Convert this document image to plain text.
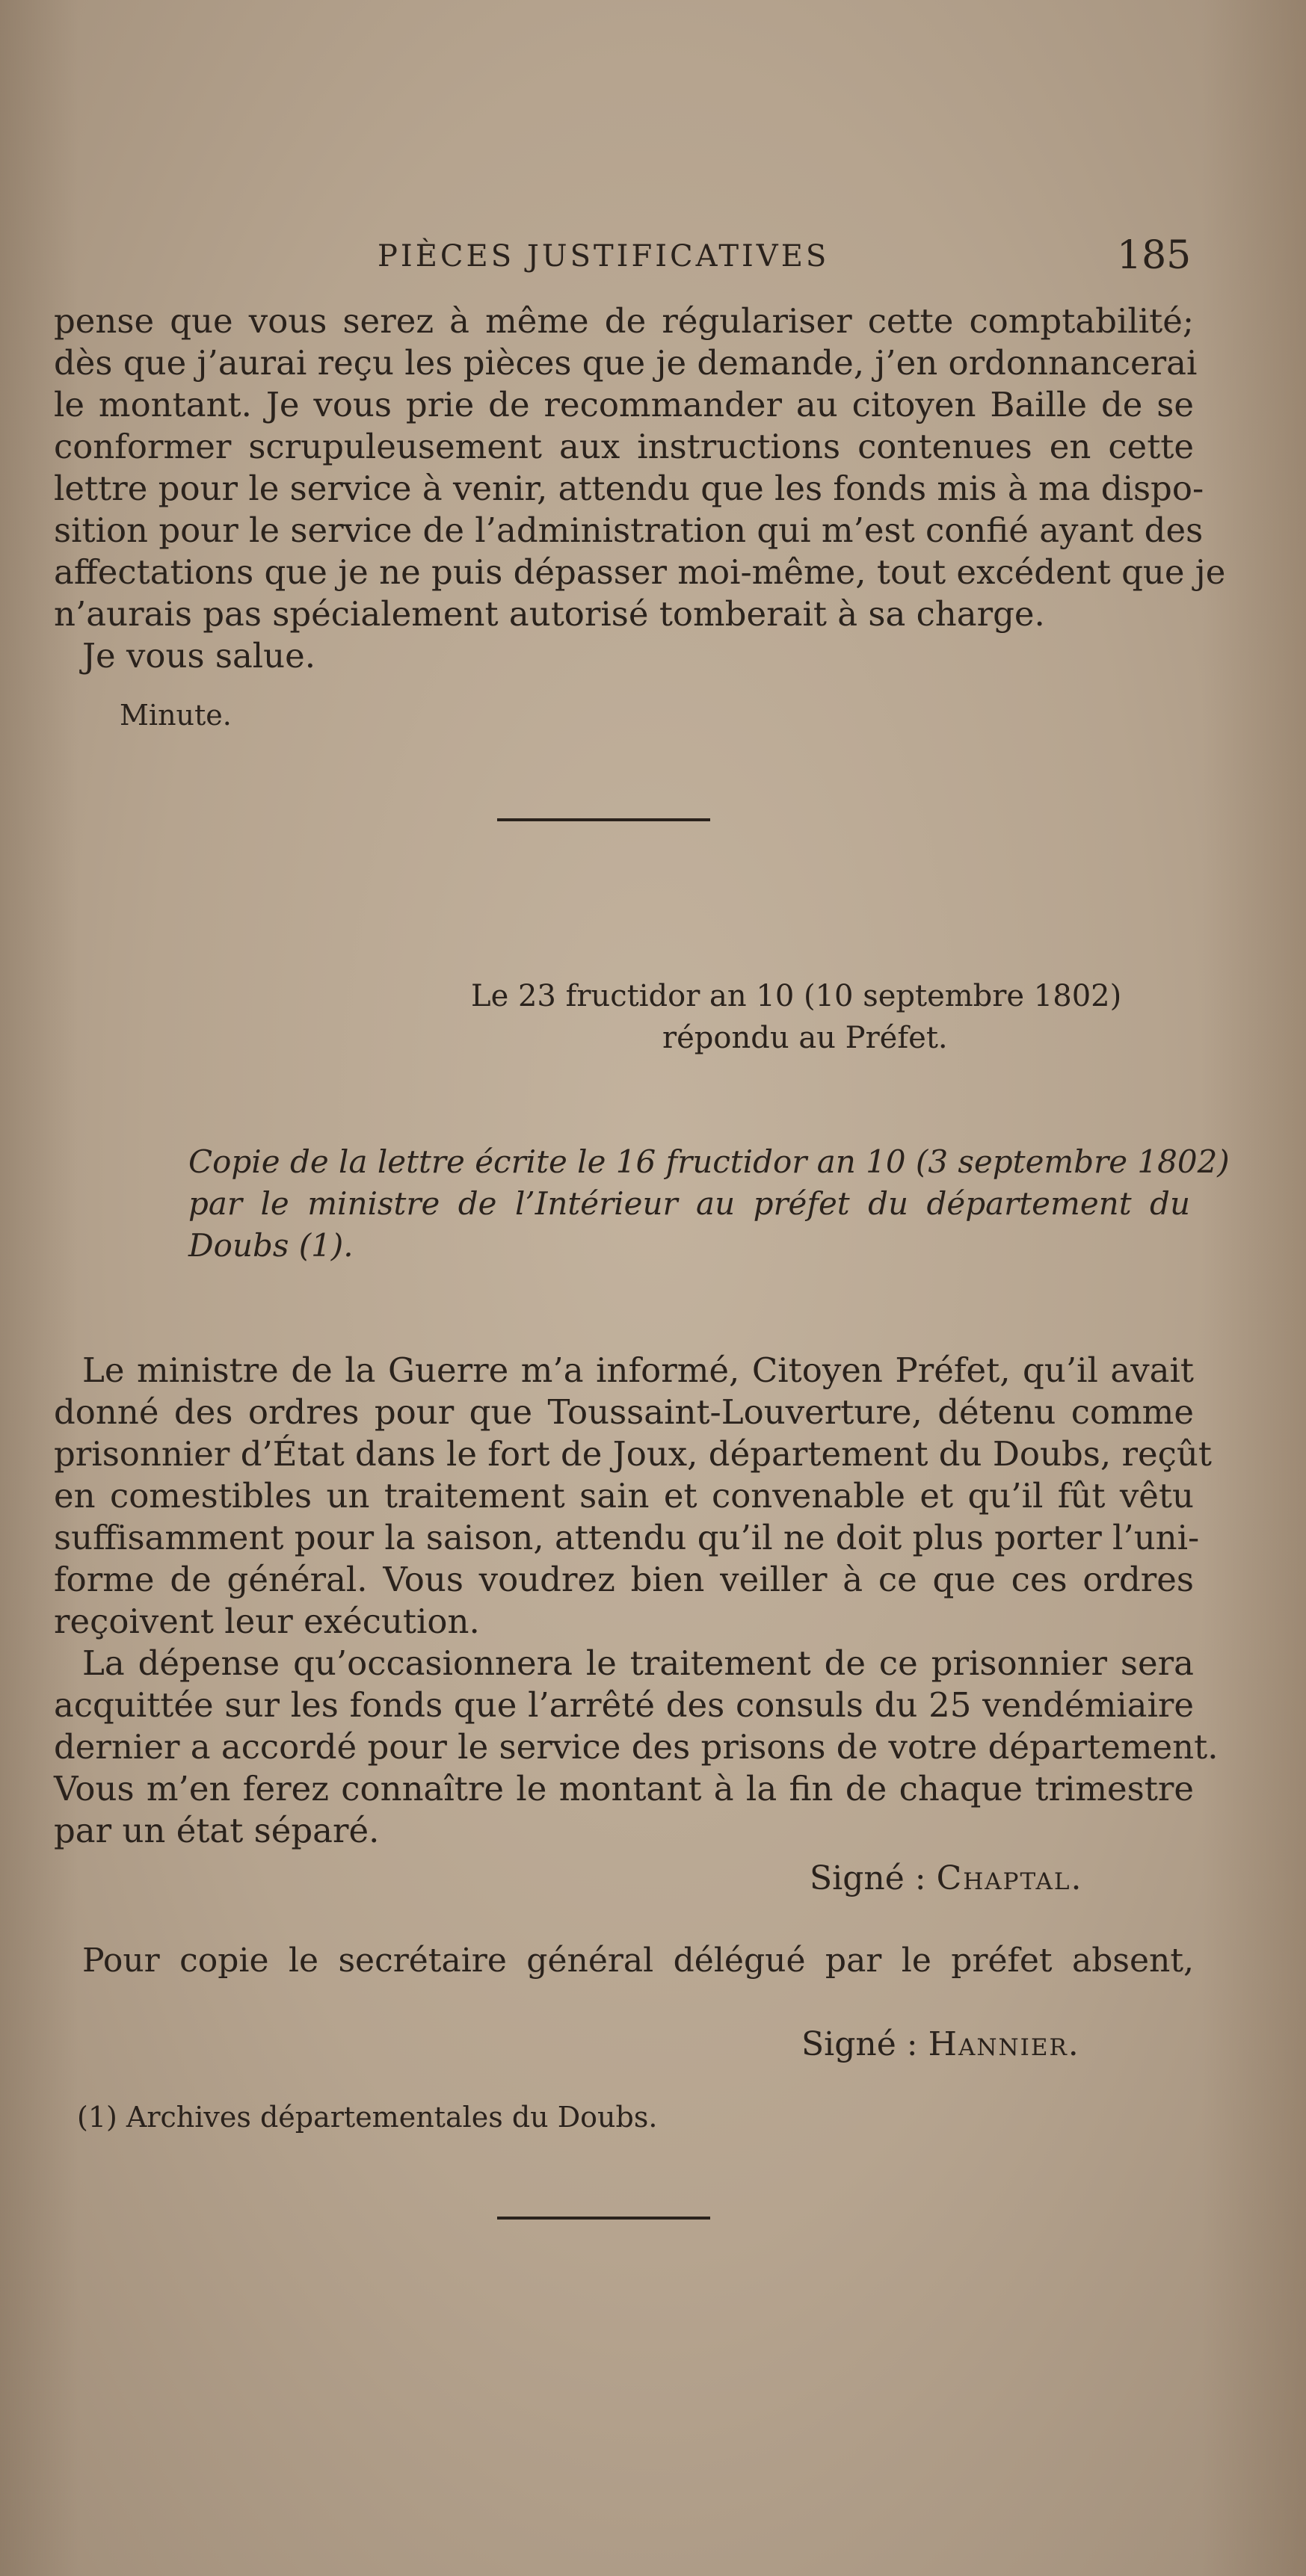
PIÈCES JUSTIFICATIVES	185
pense que vous serez à même de régulariser cette comptabilité;
dès que j’aurai reçu les pièces que je demande, j’en ordonnancerai
le montant. Je vous prie de recommander au citoyen Baille de se
conformer scrupuleusement aux instructions contenues en cette
lettre pour le service à venir, attendu que les fonds mis à ma dispo-
sition pour le service de l’administration qui m’est confié ayant des
affectations que je ne puis dépasser moi-même, tout excédent que je
n’aurais pas spécialement autorisé tomberait à sa charge.
Je vous salue.
Minute.
Le 23 fructidor an 10 (10 septembre 1802)
répondu au Préfet.
Copie de la lettre écrite le 16 fructidor an 10 (3 septembre 1802)
par le ministre de l’Intérieur au préfet du département du
Doubs (1).
Le ministre de la Guerre m’a informé, Citoyen Préfet, qu’il avait
donné des ordres pour que Toussaint-Louverture, détenu comme
prisonnier d’État dans le fort de Joux, département du Doubs, reçût
en comestibles un traitement sain et convenable et qu’il fût vêtu
suffisamment pour la saison, attendu qu’il ne doit plus porter l’uni-
forme de général. Vous voudrez bien veiller à ce que ces ordres
reçoivent leur exécution.
La dépense qu’occasionnera le traitement de ce prisonnier sera
acquittée sur les fonds que l’arrêté des consuls du 25 vendémiaire
dernier a accordé pour le service des prisons de votre département.
Vous m’en ferez connaître le montant à la fin de chaque trimestre
par un état séparé.
Signé : Chaptal.
Pour copie le secrétaire général délégué par le préfet absent,
Signé : Hannier.
(1) Archives départementales du Doubs.
